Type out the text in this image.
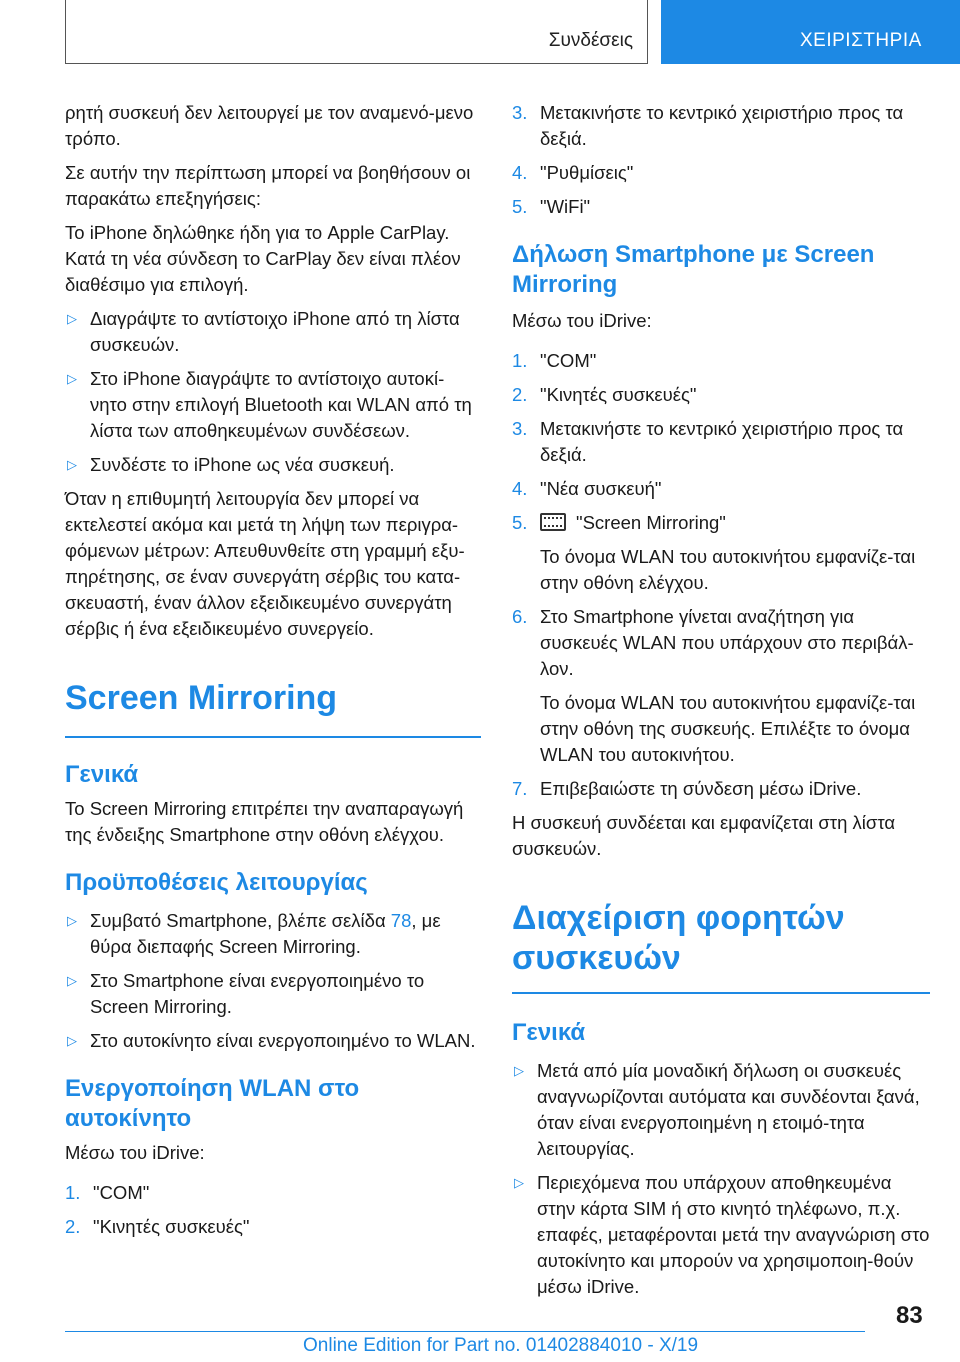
Συνδέσεις	ΧΕΙΡΙΣΤΗΡΙΑ

ρητή συσκευή δεν λειτουργεί με τον αναμενό-μενο τρόπο.

Σε αυτήν την περίπτωση μπορεί να βοηθήσουν οι παρακάτω επεξηγήσεις:

Το iPhone δηλώθηκε ήδη για το Apple CarPlay. Κατά τη νέα σύνδεση το CarPlay δεν είναι πλέον διαθέσιμο για επιλογή.

▷ Διαγράψτε το αντίστοιχο iPhone από τη λίστα συσκευών.
▷ Στο iPhone διαγράψτε το αντίστοιχο αυτοκί-νητο στην επιλογή Bluetooth και WLAN από τη λίστα των αποθηκευμένων συνδέσεων.
▷ Συνδέστε το iPhone ως νέα συσκευή.

Όταν η επιθυμητή λειτουργία δεν μπορεί να εκτελεστεί ακόμα και μετά τη λήψη των περιγρα-φόμενων μέτρων: Απευθυνθείτε στη γραμμή εξυ-πηρέτησης, σε έναν συνεργάτη σέρβις του κατα-σκευαστή, έναν άλλον εξειδικευμένο συνεργάτη σέρβις ή ένα εξειδικευμένο συνεργείο.

Screen Mirroring
Γενικά

Το Screen Mirroring επιτρέπει την αναπαραγωγή της ένδειξης Smartphone στην οθόνη ελέγχου.

Προϋποθέσεις λειτουργίας
▷ Συμβατό Smartphone, βλέπε σελίδα 78, με θύρα διεπαφής Screen Mirroring.
▷ Στο Smartphone είναι ενεργοποιημένο το Screen Mirroring.
▷ Στο αυτοκίνητο είναι ενεργοποιημένο το WLAN.
Ενεργοποίηση WLAN στο αυτοκίνητο

Μέσω του iDrive:

1. "COM"
2. "Κινητές συσκευές"
3. Μετακινήστε το κεντρικό χειριστήριο προς τα δεξιά.
4. "Ρυθμίσεις"
5. "WiFi"
Δήλωση Smartphone με Screen Mirroring

Μέσω του iDrive:

1. "COM"
2. "Κινητές συσκευές"
3. Μετακινήστε το κεντρικό χειριστήριο προς τα δεξιά.
4. "Νέα συσκευή"
5.	"Screen Mirroring"
Το όνομα WLAN του αυτοκινήτου εμφανίζε-ται στην οθόνη ελέγχου.
6. Στο Smartphone γίνεται αναζήτηση για συσκευές WLAN που υπάρχουν στο περιβάλ-λον.
Το όνομα WLAN του αυτοκινήτου εμφανίζε-ται στην οθόνη της συσκευής. Επιλέξτε το όνομα WLAN του αυτοκινήτου.
7. Επιβεβαιώστε τη σύνδεση μέσω iDrive.

Η συσκευή συνδέεται και εμφανίζεται στη λίστα συσκευών.

Διαχείριση φορητών συσκευών
Γενικά
▷ Μετά από μία μοναδική δήλωση οι συσκευές αναγνωρίζονται αυτόματα και συνδέονται ξανά, όταν είναι ενεργοποιημένη η ετοιμό-τητα λειτουργίας.
▷ Περιεχόμενα που υπάρχουν αποθηκευμένα στην κάρτα SIM ή στο κινητό τηλέφωνο, π.χ. επαφές, μεταφέρονται μετά την αναγνώριση στο αυτοκίνητο και μπορούν να χρησιμοποιη-θούν μέσω iDrive.
83
Online Edition for Part no. 01402884010 - X/19
